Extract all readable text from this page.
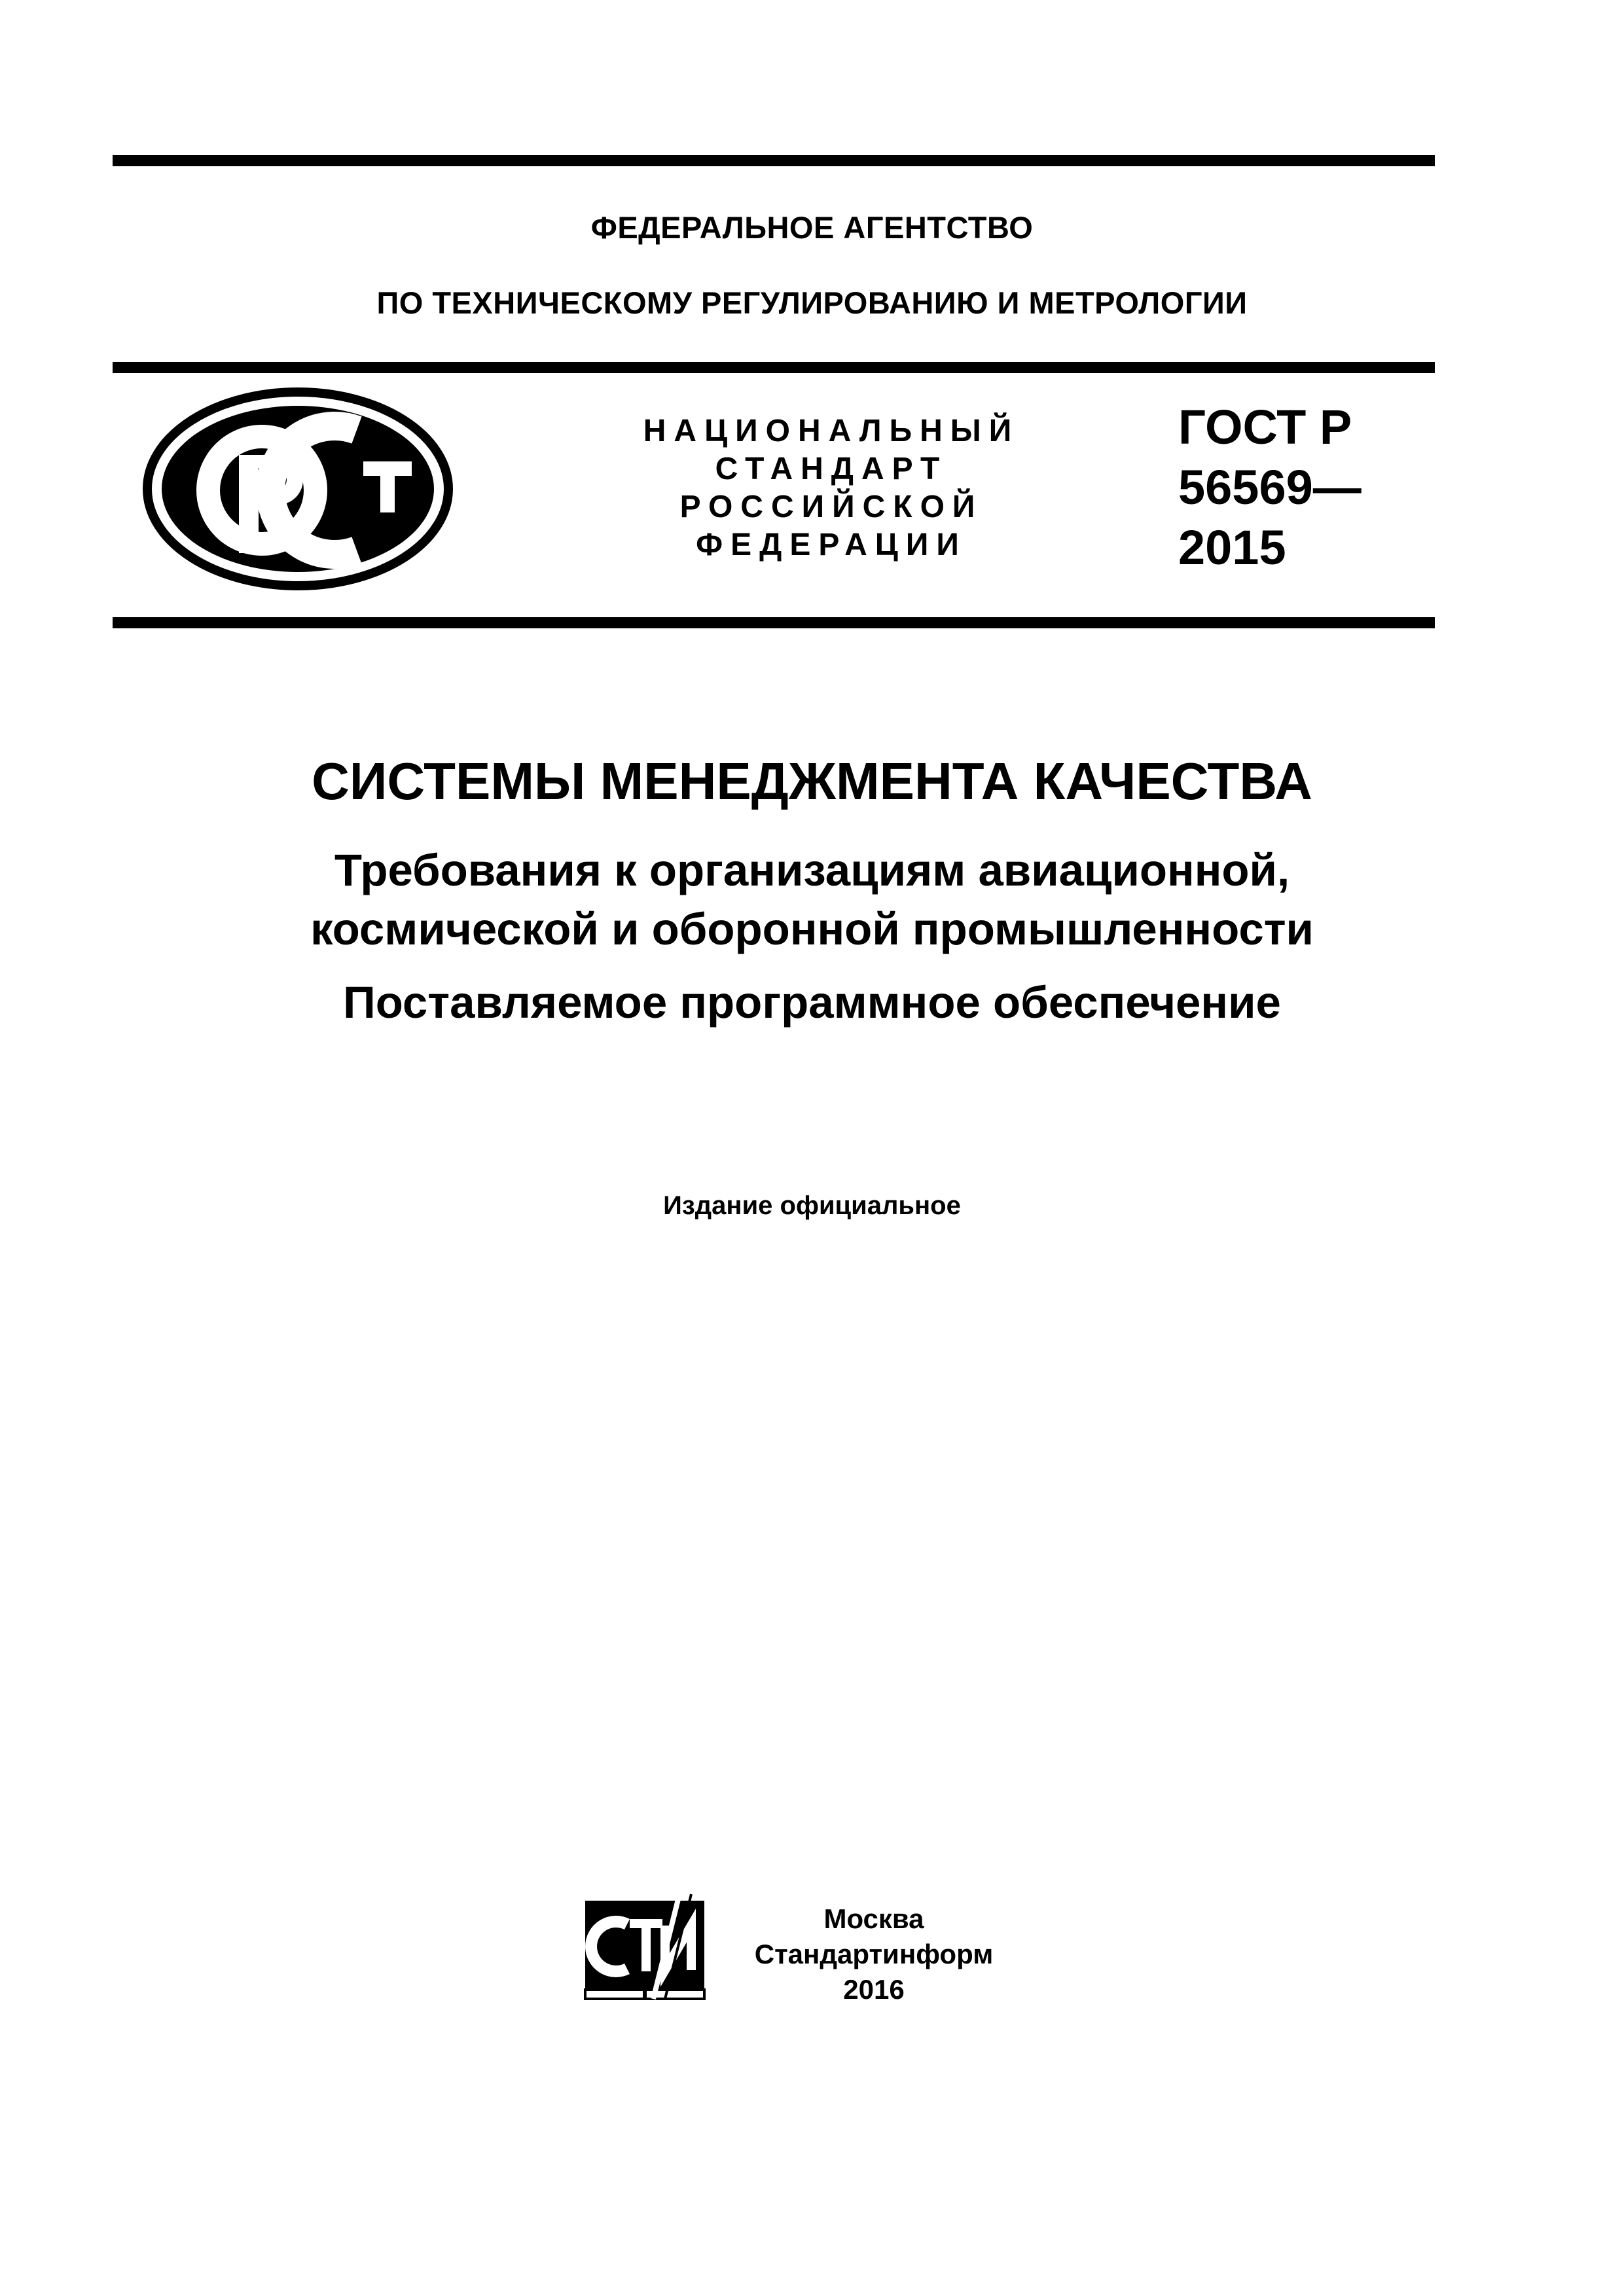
ФЕДЕРАЛЬНОЕ АГЕНТСТВО
ПО ТЕХНИЧЕСКОМУ РЕГУЛИРОВАНИЮ И МЕТРОЛОГИИ
НАЦИОНАЛЬНЫЙ
СТАНДАРТ
РОССИЙСКОЙ
ФЕДЕРАЦИИ
ГОСТ Р
56569—
2015
СИСТЕМЫ МЕНЕДЖМЕНТА КАЧЕСТВА
Требования к организациям авиационной,
космической и оборонной промышленности
Поставляемое программное обеспечение
Издание официальное
Москва
Стандартинформ
2016
